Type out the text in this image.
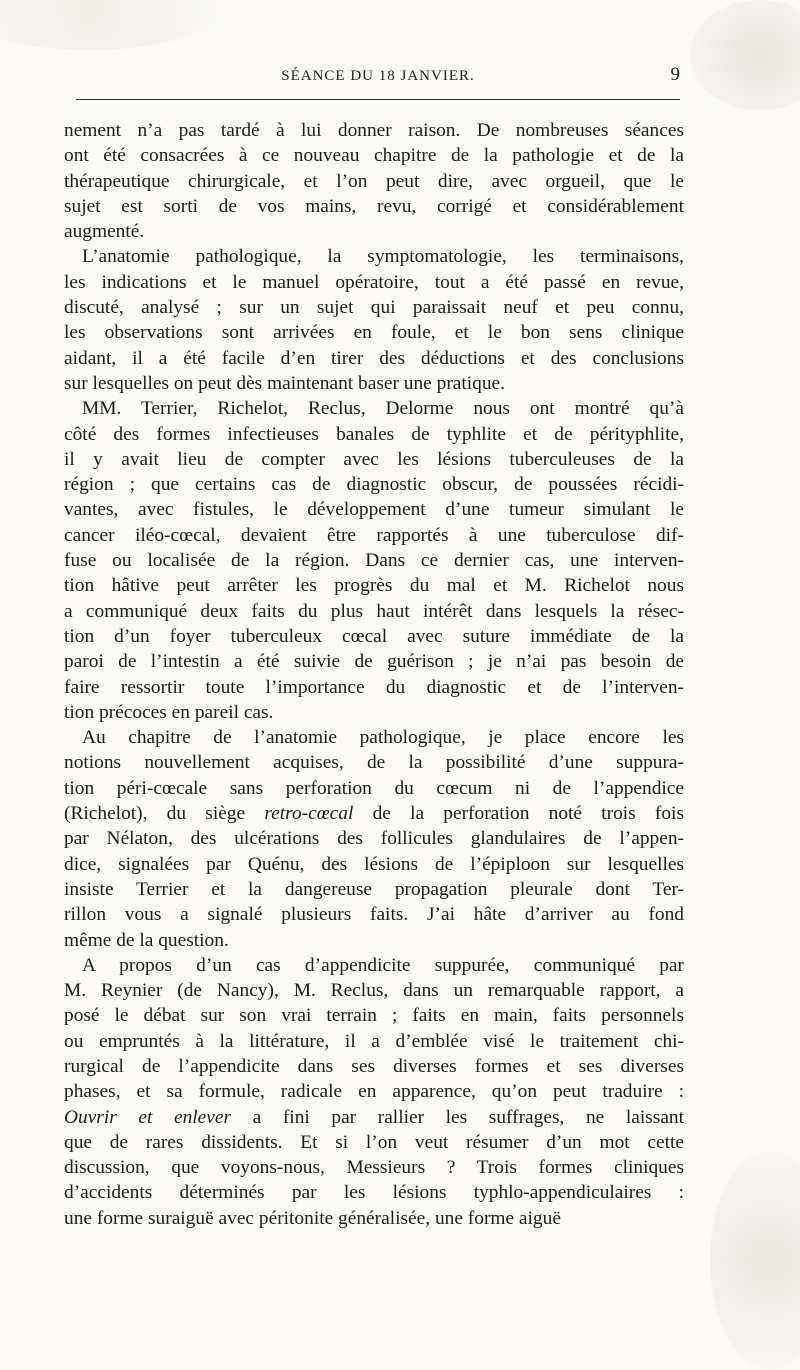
SÉANCE DU 18 JANVIER.	9
nement n’a pas tardé à lui donner raison. De nombreuses séances
ont été consacrées à ce nouveau chapitre de la pathologie et de la
thérapeutique chirurgicale, et l’on peut dire, avec orgueil, que le
sujet est sorti de vos mains, revu, corrigé et considérablement
augmenté.
L’anatomie pathologique, la symptomatologie, les terminaisons,
les indications et le manuel opératoire, tout a été passé en revue,
discuté, analysé ; sur un sujet qui paraissait neuf et peu connu,
les observations sont arrivées en foule, et le bon sens clinique
aidant, il a été facile d’en tirer des déductions et des conclusions
sur lesquelles on peut dès maintenant baser une pratique.
MM. Terrier, Richelot, Reclus, Delorme nous ont montré qu’à
côté des formes infectieuses banales de typhlite et de pérityphlite,
il y avait lieu de compter avec les lésions tuberculeuses de la
région ; que certains cas de diagnostic obscur, de poussées récidi-
vantes, avec fistules, le développement d’une tumeur simulant le
cancer iléo-cœcal, devaient être rapportés à une tuberculose dif-
fuse ou localisée de la région. Dans ce dernier cas, une interven-
tion hâtive peut arrêter les progrès du mal et M. Richelot nous
a communiqué deux faits du plus haut intérêt dans lesquels la résec-
tion d’un foyer tuberculeux cœcal avec suture immédiate de la
paroi de l’intestin a été suivie de guérison ; je n’ai pas besoin de
faire ressortir toute l’importance du diagnostic et de l’interven-
tion précoces en pareil cas.
Au chapitre de l’anatomie pathologique, je place encore les
notions nouvellement acquises, de la possibilité d’une suppura-
tion péri-cœcale sans perforation du cœcum ni de l’appendice
(Richelot), du siège retro-cœcal de la perforation noté trois fois
par Nélaton, des ulcérations des follicules glandulaires de l’appen-
dice, signalées par Quénu, des lésions de l’épiploon sur lesquelles
insiste Terrier et la dangereuse propagation pleurale dont Ter-
rillon vous a signalé plusieurs faits. J’ai hâte d’arriver au fond
même de la question.
A propos d’un cas d’appendicite suppurée, communiqué par
M. Reynier (de Nancy), M. Reclus, dans un remarquable rapport, a
posé le débat sur son vrai terrain ; faits en main, faits personnels
ou empruntés à la littérature, il a d’emblée visé le traitement chi-
rurgical de l’appendicite dans ses diverses formes et ses diverses
phases, et sa formule, radicale en apparence, qu’on peut traduire :
Ouvrir et enlever a fini par rallier les suffrages, ne laissant
que de rares dissidents. Et si l’on veut résumer d’un mot cette
discussion, que voyons-nous, Messieurs ? Trois formes cliniques
d’accidents déterminés par les lésions typhlo-appendiculaires :
une forme suraiguë avec péritonite généralisée, une forme aiguë
